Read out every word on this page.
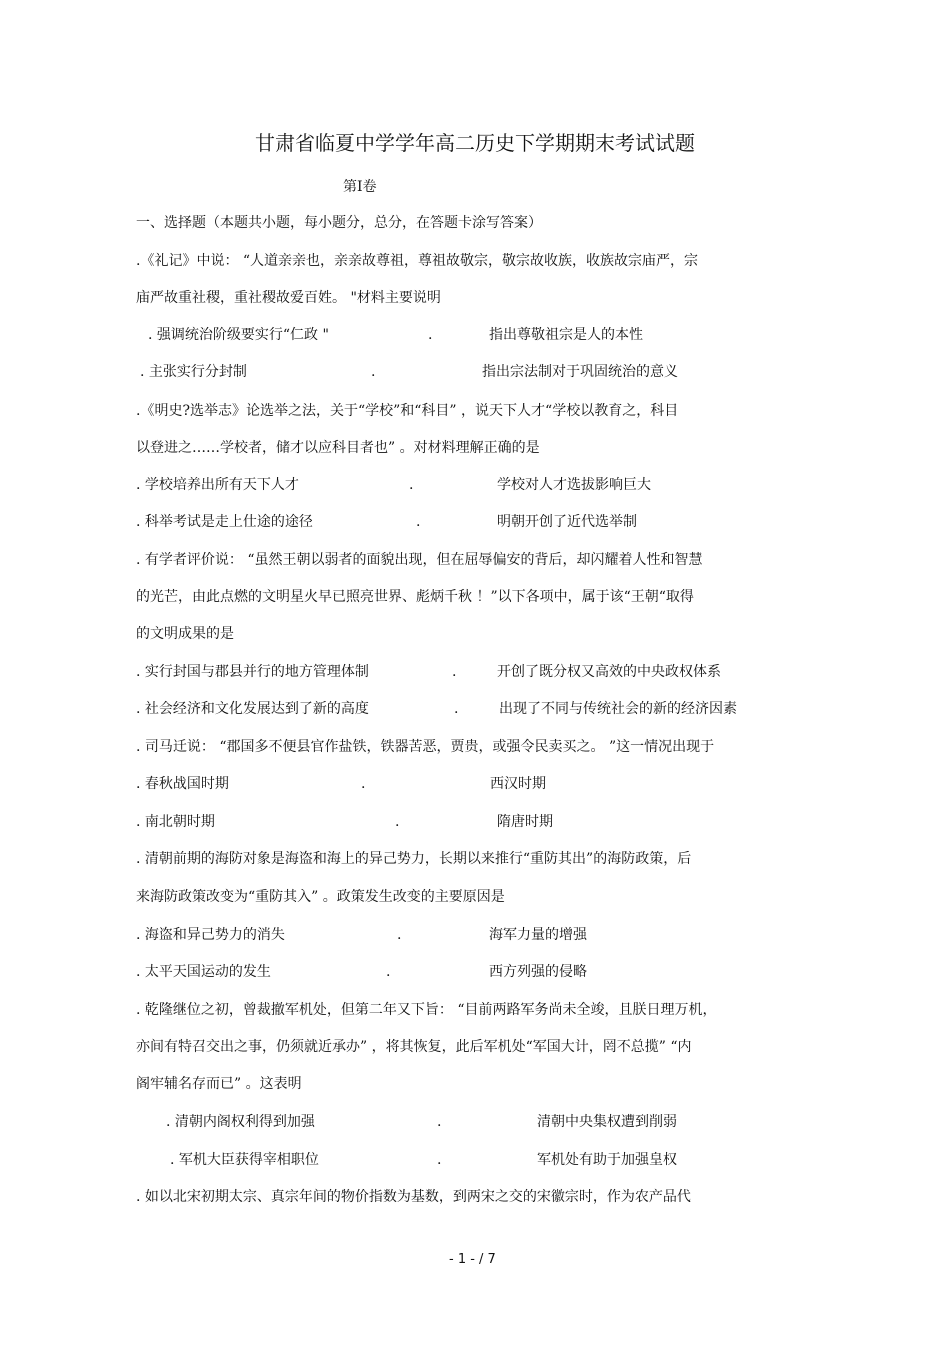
甘肃省临夏中学学年高二历史下学期期末考试试题
第Ⅰ卷
一、选择题（本题共小题，每小题分，总分，在答题卡涂写答案）
.《礼记》中说： “人道亲亲也，亲亲故尊祖，尊祖故敬宗，敬宗故收族，收族故宗庙严，宗
庙严故重社稷，重社稷故爱百姓。 "材料主要说明
. 强调统治阶级要实行“仁政 "	.	指出尊敬祖宗是人的本性
. 主张实行分封制	.	指出宗法制对于巩固统治的意义
.《明史?选举志》论选举之法，关于“学校”和“科目” ，说天下人才“学校以教育之，科目
以登进之……学校者，储才以应科目者也” 。对材料理解正确的是
. 学校培养出所有天下人才	.	学校对人才选拔影响巨大
. 科举考试是走上仕途的途径	.	明朝开创了近代选举制
. 有学者评价说： “虽然王朝以弱者的面貌出现，但在屈辱偏安的背后，却闪耀着人性和智慧
的光芒，由此点燃的文明星火早已照亮世界、彪炳千秋 ！”以下各项中，属于该“王朝“取得
的文明成果的是
. 实行封国与郡县并行的地方管理体制	.	开创了既分权又高效的中央政权体系
. 社会经济和文化发展达到了新的高度	.	出现了不同与传统社会的新的经济因素
. 司马迁说： “郡国多不便县官作盐铁，铁器苦恶，贾贵，或强令民卖买之。 ”这一情况出现于
. 春秋战国时期	.	西汉时期
. 南北朝时期	.	隋唐时期
. 清朝前期的海防对象是海盗和海上的异己势力，长期以来推行“重防其出”的海防政策，后
来海防政策改变为“重防其入” 。政策发生改变的主要原因是
. 海盗和异己势力的消失	.	海军力量的增强
. 太平天国运动的发生	.	西方列强的侵略
. 乾隆继位之初，曾裁撤军机处，但第二年又下旨： “目前两路军务尚未全竣，且朕日理万机，
亦间有特召交出之事，仍须就近承办” ，将其恢复，此后军机处“军国大计，罔不总揽” “内
阁牢辅名存而已” 。这表明
. 清朝内阁权利得到加强	.	清朝中央集权遭到削弱
. 军机大臣获得宰相职位	.	军机处有助于加强皇权
. 如以北宋初期太宗、真宗年间的物价指数为基数，到两宋之交的宋徽宗时，作为农产品代
- 1 - / 7
